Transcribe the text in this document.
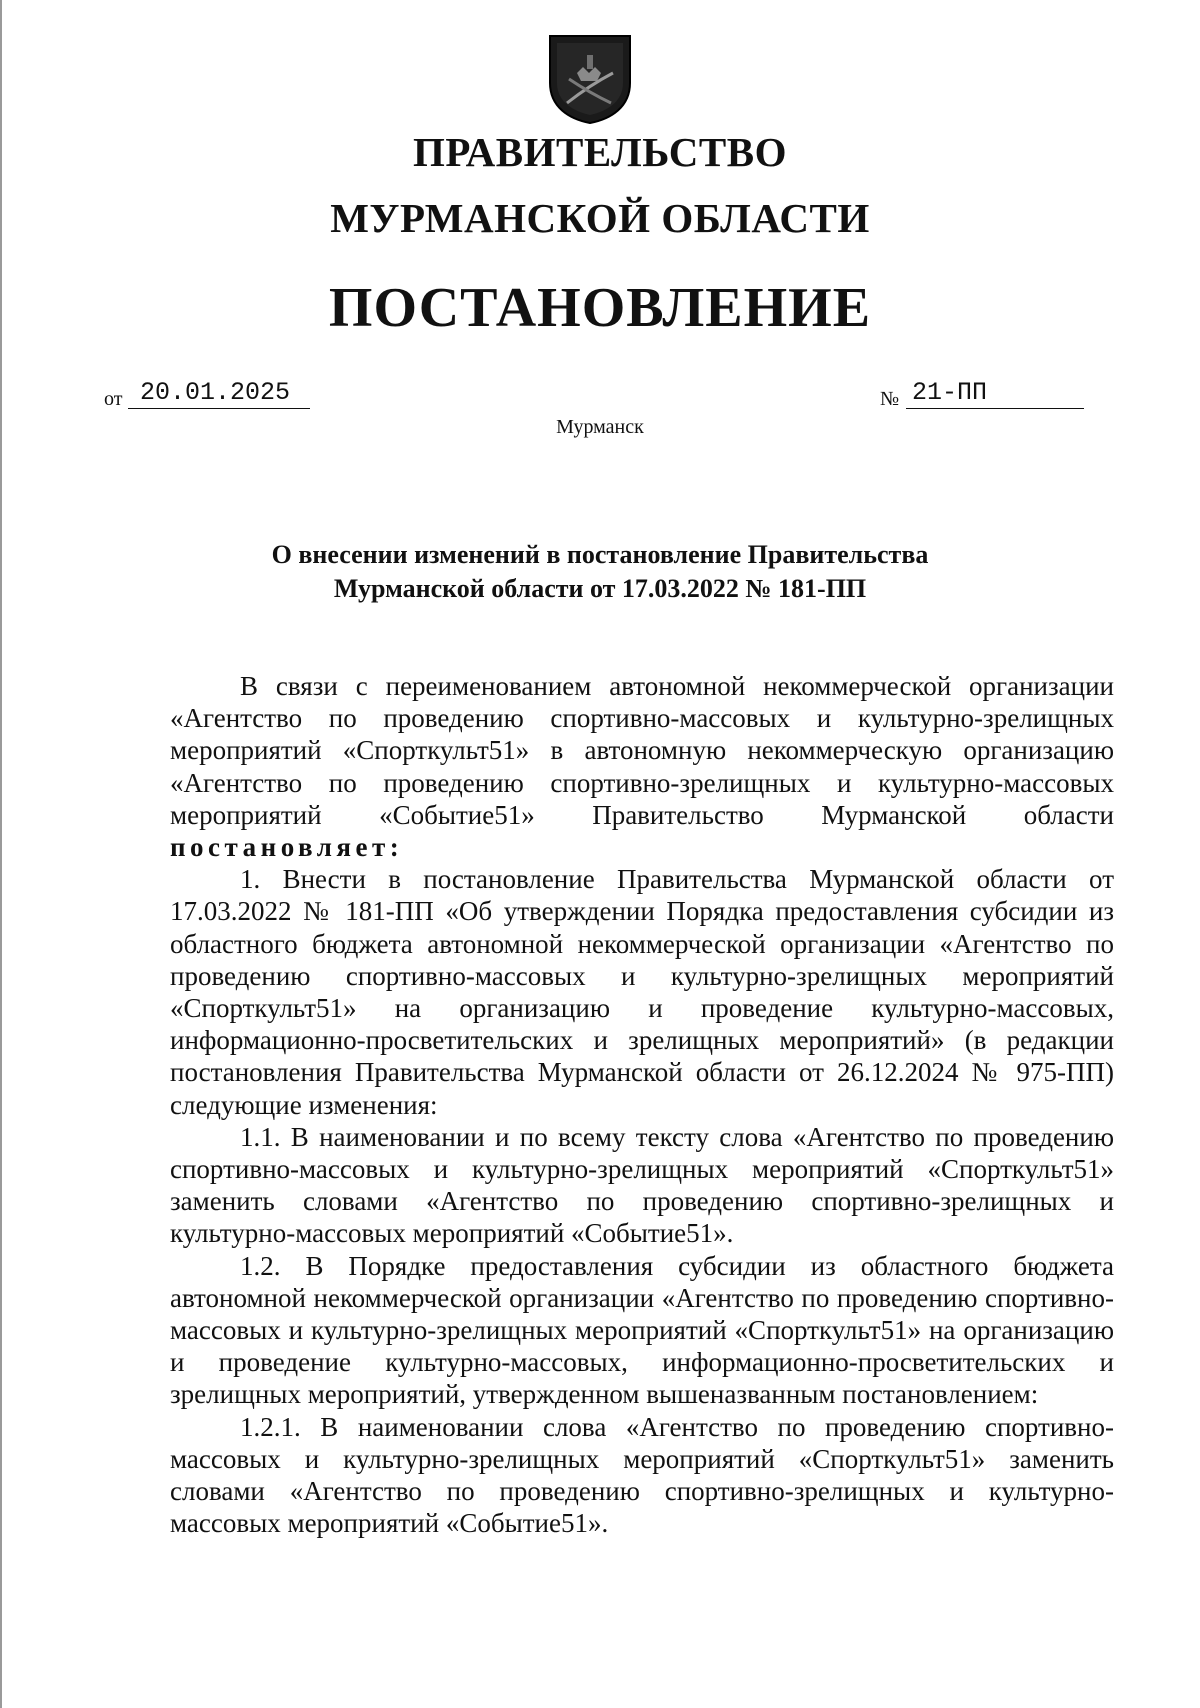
ПРАВИТЕЛЬСТВО
МУРМАНСКОЙ ОБЛАСТИ
ПОСТАНОВЛЕНИЕ
от 20.01.2025	№ 21-ПП
Мурманск
О внесении изменений в постановление Правительства
Мурманской области от 17.03.2022 № 181-ПП

В связи с переименованием автономной некоммерческой организации «Агентство по проведению спортивно-массовых и культурно-зрелищных мероприятий «Спорткульт51» в автономную некоммерческую организацию «Агентство по проведению спортивно-зрелищных и культурно-массовых мероприятий «Событие51» Правительство Мурманской области постановляет:

1. Внести в постановление Правительства Мурманской области от 17.03.2022 № 181-ПП «Об утверждении Порядка предоставления субсидии из областного бюджета автономной некоммерческой организации «Агентство по проведению спортивно-массовых и культурно-зрелищных мероприятий «Спорткульт51» на организацию и проведение культурно-массовых, информационно-просветительских и зрелищных мероприятий» (в редакции постановления Правительства Мурманской области от 26.12.2024 № 975-ПП) следующие изменения:

1.1. В наименовании и по всему тексту слова «Агентство по проведению спортивно-массовых и культурно-зрелищных мероприятий «Спорткульт51» заменить словами «Агентство по проведению спортивно-зрелищных и культурно-массовых мероприятий «Событие51».

1.2. В Порядке предоставления субсидии из областного бюджета автономной некоммерческой организации «Агентство по проведению спортивно-массовых и культурно-зрелищных мероприятий «Спорткульт51» на организацию и проведение культурно-массовых, информационно-просветительских и зрелищных мероприятий, утвержденном вышеназванным постановлением:

1.2.1. В наименовании слова «Агентство по проведению спортивно-массовых и культурно-зрелищных мероприятий «Спорткульт51» заменить словами «Агентство по проведению спортивно-зрелищных и культурно-массовых мероприятий «Событие51».
